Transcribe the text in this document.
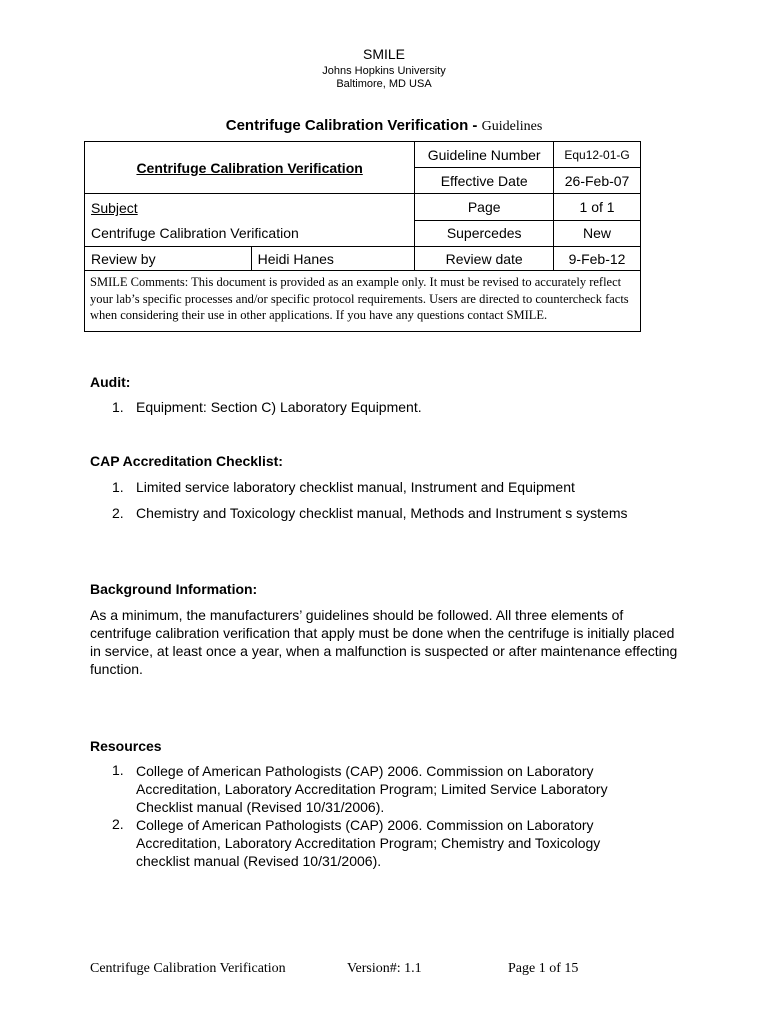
SMILE
Johns Hopkins University
Baltimore, MD USA
Centrifuge Calibration Verification - Guidelines
Centrifuge Calibration Verification		Guideline Number	Equ12-01-G
		Effective Date	26-Feb-07

Subject
Centrifuge Calibration Verification		Page	1 of 1
		Supercedes	New
Review by	Heidi Hanes	Review date	9-Feb-12
SMILE Comments: This document is provided as an example only. It must be revised to accurately reflect your lab’s specific processes and/or specific protocol requirements. Users are directed to countercheck facts when considering their use in other applications. If you have any questions contact SMILE.			
Audit:
1. Equipment: Section C) Laboratory Equipment.
CAP Accreditation Checklist:
1. Limited service laboratory checklist manual, Instrument and Equipment
2. Chemistry and Toxicology checklist manual, Methods and Instrument s systems
Background Information:
As a minimum, the manufacturers’ guidelines should be followed. All three elements of centrifuge calibration verification that apply must be done when the centrifuge is initially placed in service, at least once a year, when a malfunction is suspected or after maintenance effecting function.
Resources
1. College of American Pathologists (CAP) 2006. Commission on Laboratory Accreditation, Laboratory Accreditation Program; Limited Service Laboratory Checklist manual (Revised 10/31/2006).
2. College of American Pathologists (CAP) 2006. Commission on Laboratory Accreditation, Laboratory Accreditation Program; Chemistry and Toxicology checklist manual (Revised 10/31/2006).
Centrifuge Calibration Verification	Version#: 1.1	Page 1 of 15
